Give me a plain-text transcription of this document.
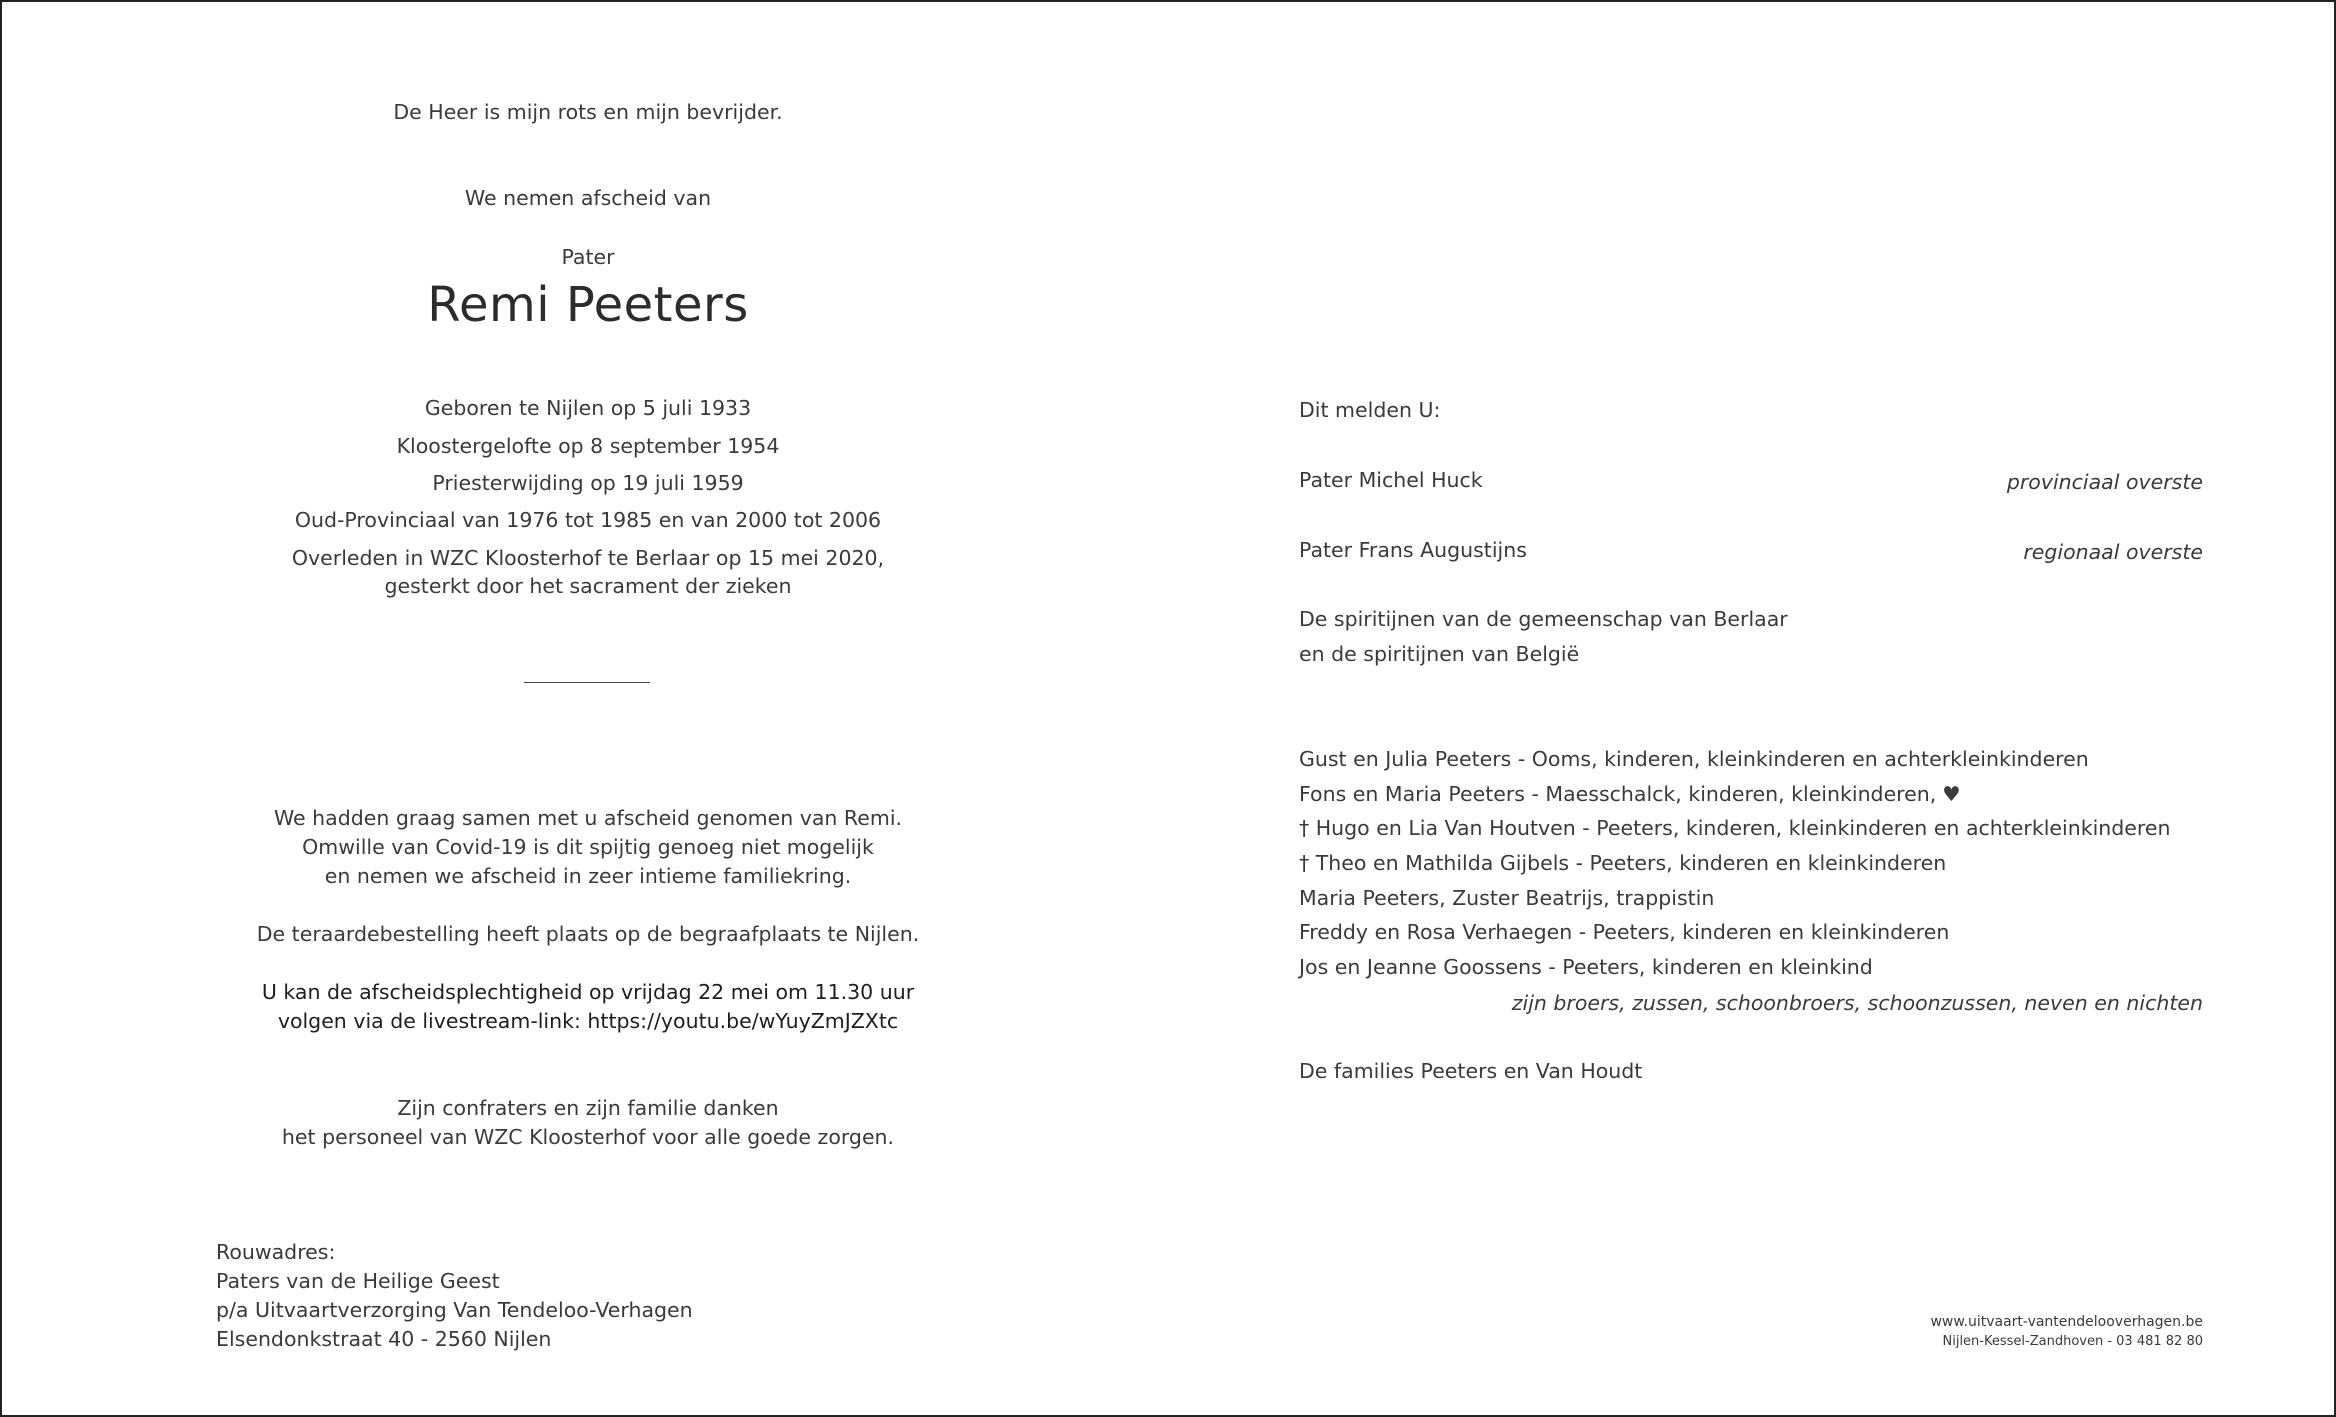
De Heer is mijn rots en mijn bevrijder.
We nemen afscheid van
Pater
Remi Peeters
Geboren te Nijlen op 5 juli 1933
Kloostergelofte op 8 september 1954
Priesterwijding op 19 juli 1959
Oud-Provinciaal van 1976 tot 1985 en van 2000 tot 2006
Overleden in WZC Kloosterhof te Berlaar op 15 mei 2020,
gesterkt door het sacrament der zieken
We hadden graag samen met u afscheid genomen van Remi.
Omwille van Covid-19 is dit spijtig genoeg niet mogelijk
en nemen we afscheid in zeer intieme familiekring.
De teraardebestelling heeft plaats op de begraafplaats te Nijlen.
U kan de afscheidsplechtigheid op vrijdag 22 mei om 11.30 uur
volgen via de livestream-link: https://youtu.be/wYuyZmJZXtc
Zijn confraters en zijn familie danken
het personeel van WZC Kloosterhof voor alle goede zorgen.
Rouwadres:
Paters van de Heilige Geest
p/a Uitvaartverzorging Van Tendeloo-Verhagen
Elsendonkstraat 40 - 2560 Nijlen
Dit melden U:
Pater Michel Huck	provinciaal overste
Pater Frans Augustijns	regionaal overste
De spiritijnen van de gemeenschap van Berlaar
en de spiritijnen van België
Gust en Julia Peeters - Ooms, kinderen, kleinkinderen en achterkleinkinderen
Fons en Maria Peeters - Maesschalck, kinderen, kleinkinderen, ♥
† Hugo en Lia Van Houtven - Peeters, kinderen, kleinkinderen en achterkleinkinderen
† Theo en Mathilda Gijbels - Peeters, kinderen en kleinkinderen
Maria Peeters, Zuster Beatrijs, trappistin
Freddy en Rosa Verhaegen - Peeters, kinderen en kleinkinderen
Jos en Jeanne Goossens - Peeters, kinderen en kleinkind
zijn broers, zussen, schoonbroers, schoonzussen, neven en nichten
De families Peeters en Van Houdt
www.uitvaart-vantendelooverhagen.be
Nijlen-Kessel-Zandhoven - 03 481 82 80
